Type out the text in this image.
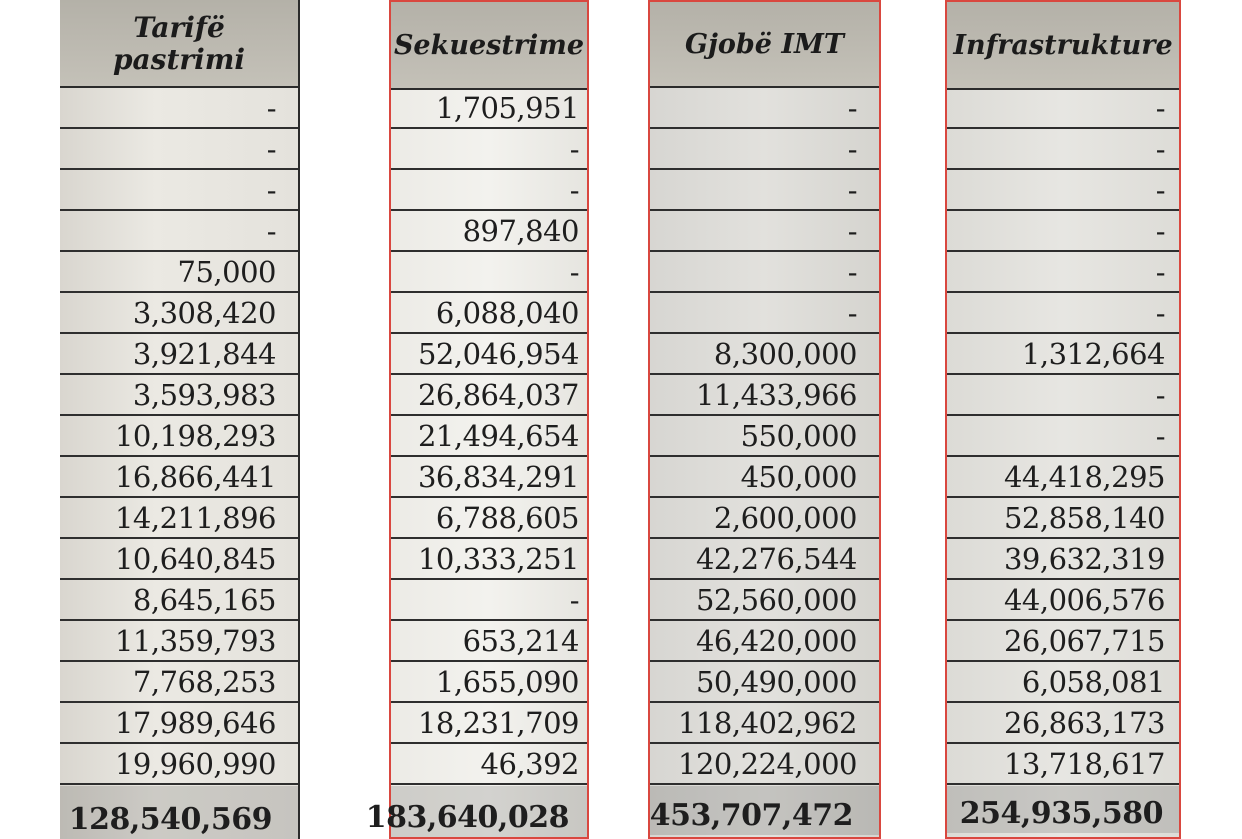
Tarifë
pastrimi
-
-
-
-
75,000
3,308,420
3,921,844
3,593,983
10,198,293
16,866,441
14,211,896
10,640,845
8,645,165
11,359,793
7,768,253
17,989,646
19,960,990
128,540,569
Sekuestrime
1,705,951
-
-
897,840
-
6,088,040
52,046,954
26,864,037
21,494,654
36,834,291
6,788,605
10,333,251
-
653,214
1,655,090
18,231,709
46,392
183,640,028
Gjobë IMT
-
-
-
-
-
-
8,300,000
11,433,966
550,000
450,000
2,600,000
42,276,544
52,560,000
46,420,000
50,490,000
118,402,962
120,224,000
453,707,472
Infrastrukture
-
-
-
-
-
-
1,312,664
-
-
44,418,295
52,858,140
39,632,319
44,006,576
26,067,715
6,058,081
26,863,173
13,718,617
254,935,580
